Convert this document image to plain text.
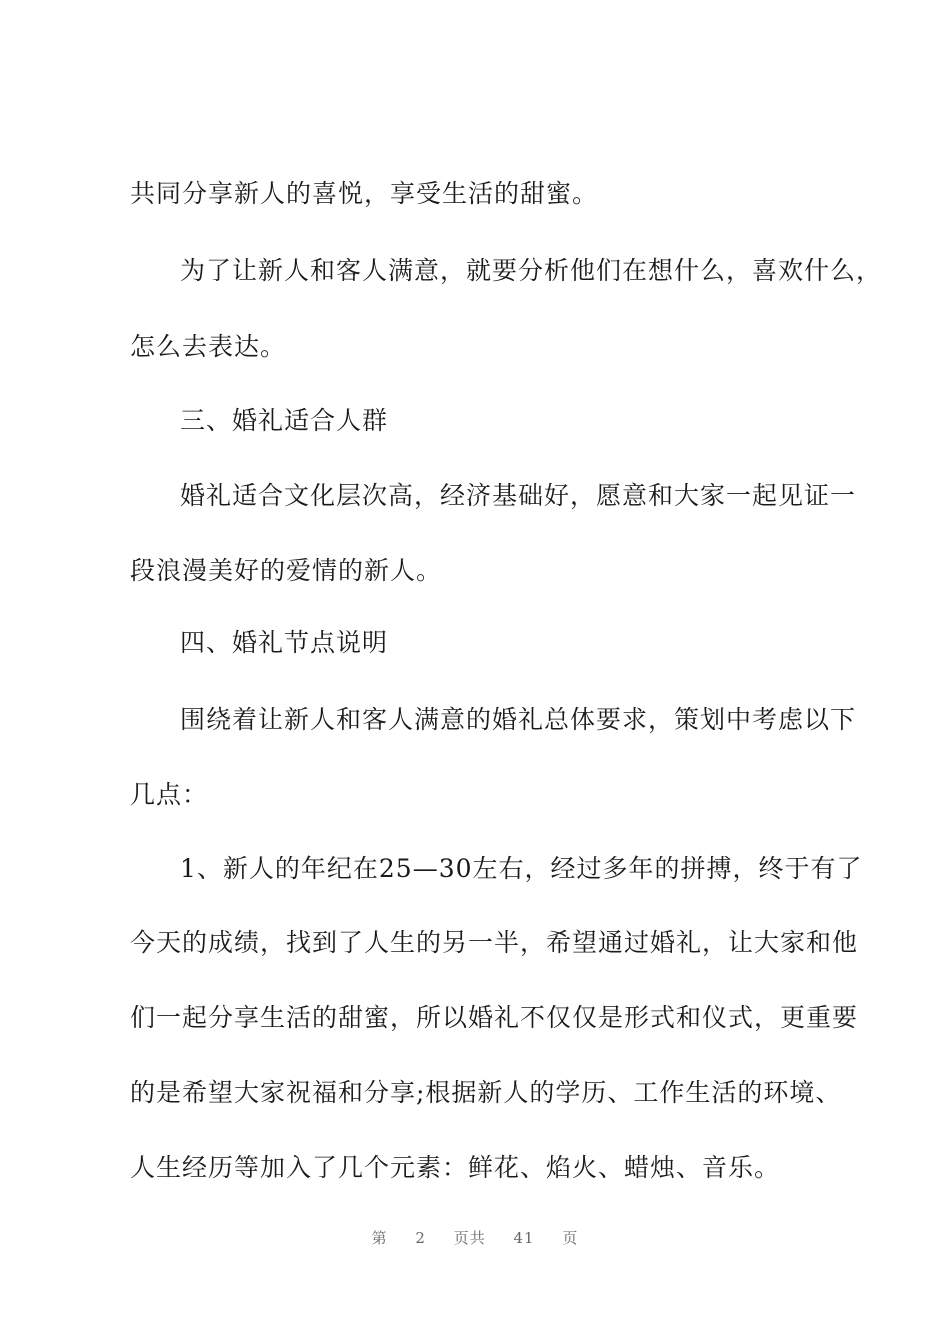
共同分享新人的喜悦，享受生活的甜蜜。
为了让新人和客人满意，就要分析他们在想什么，喜欢什么，
怎么去表达。
三、婚礼适合人群
婚礼适合文化层次高，经济基础好，愿意和大家一起见证一
段浪漫美好的爱情的新人。
四、婚礼节点说明
围绕着让新人和客人满意的婚礼总体要求，策划中考虑以下
几点：
1、新人的年纪在25—30左右，经过多年的拼搏，终于有了
今天的成绩，找到了人生的另一半，希望通过婚礼，让大家和他
们一起分享生活的甜蜜，所以婚礼不仅仅是形式和仪式，更重要
的是希望大家祝福和分享;根据新人的学历、工作生活的环境、
人生经历等加入了几个元素：鲜花、焰火、蜡烛、音乐。
第 2 页共 41 页
